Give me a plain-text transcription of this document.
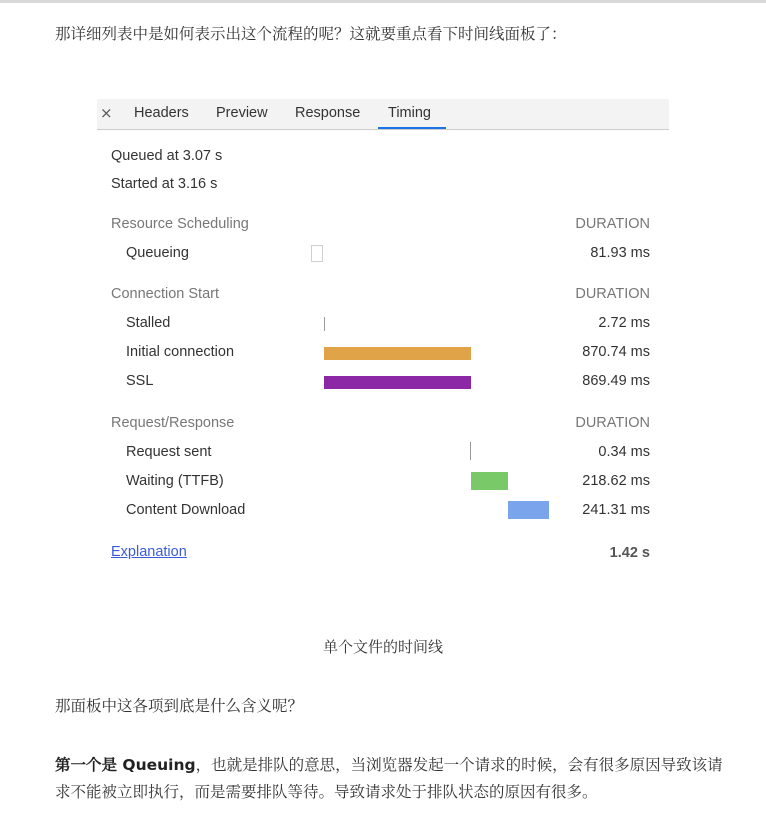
那详细列表中是如何表示出这个流程的呢？这就要重点看下时间线面板了：
× Headers Preview Response Timing
Queued at 3.07 s
Started at 3.16 s
Resource Scheduling	DURATION
Queueing	81.93 ms
Connection Start	DURATION
Stalled	2.72 ms
Initial connection	870.74 ms
SSL	869.49 ms
Request/Response	DURATION
Request sent	0.34 ms
Waiting (TTFB)	218.62 ms
Content Download	241.31 ms
Explanation	1.42 s
单个文件的时间线
那面板中这各项到底是什么含义呢？
第一个是 Queuing，也就是排队的意思，当浏览器发起一个请求的时候，会有很多原因导致该请求不能被立即执行，而是需要排队等待。导致请求处于排队状态的原因有很多。
